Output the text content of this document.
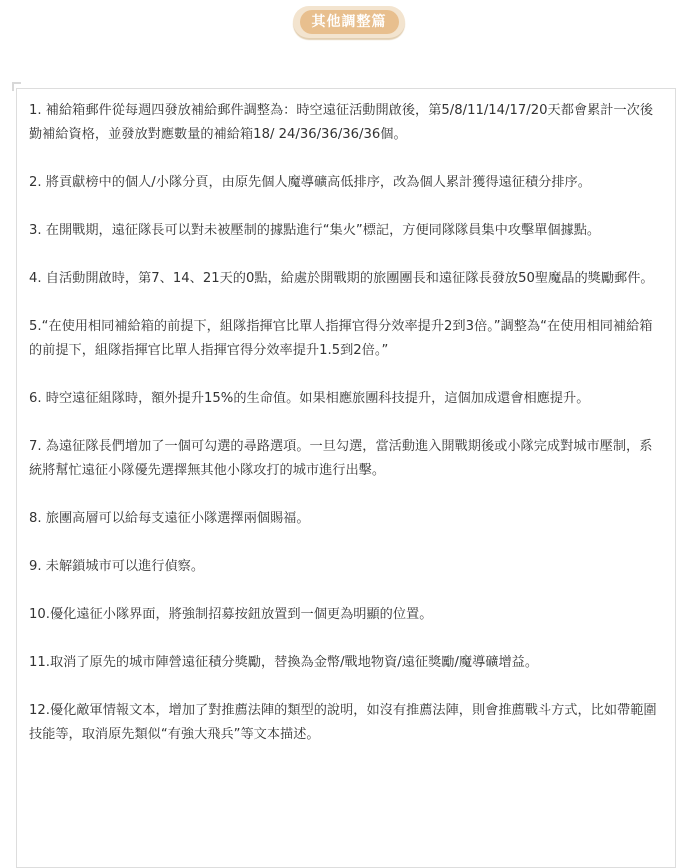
其他調整篇

1. 補給箱郵件從每週四發放補給郵件調整為：時空遠征活動開啟後，第5/8/11/14/17/20天都會累計一次後勤補給資格，並發放對應數量的補給箱18/ 24/36/36/36/36個。

2. 將貢獻榜中的個人/小隊分頁，由原先個人魔導礦高低排序，改為個人累計獲得遠征積分排序。

3. 在開戰期，遠征隊長可以對未被壓制的據點進行“集火”標記，方便同隊隊員集中攻擊單個據點。

4. 自活動開啟時，第7、14、21天的0點，給處於開戰期的旅團團長和遠征隊長發放50聖魔晶的獎勵郵件。

5.“在使用相同補給箱的前提下，組隊指揮官比單人指揮官得分效率提升2到3倍。”調整為“在使用相同補給箱的前提下，組隊指揮官比單人指揮官得分效率提升1.5到2倍。”

6. 時空遠征組隊時，額外提升15%的生命值。如果相應旅團科技提升，這個加成還會相應提升。

7. 為遠征隊長們增加了一個可勾選的尋路選項。一旦勾選，當活動進入開戰期後或小隊完成對城市壓制，系統將幫忙遠征小隊優先選擇無其他小隊攻打的城市進行出擊。

8. 旅團高層可以給每支遠征小隊選擇兩個賜福。

9. 未解鎖城市可以進行偵察。

10.優化遠征小隊界面，將強制招募按鈕放置到一個更為明顯的位置。

11.取消了原先的城市陣營遠征積分獎勵，替換為金幣/戰地物資/遠征獎勵/魔導礦增益。

12.優化敵軍情報文本，增加了對推薦法陣的類型的說明，如沒有推薦法陣，則會推薦戰斗方式，比如帶範圍技能等，取消原先類似“有強大飛兵”等文本描述。
